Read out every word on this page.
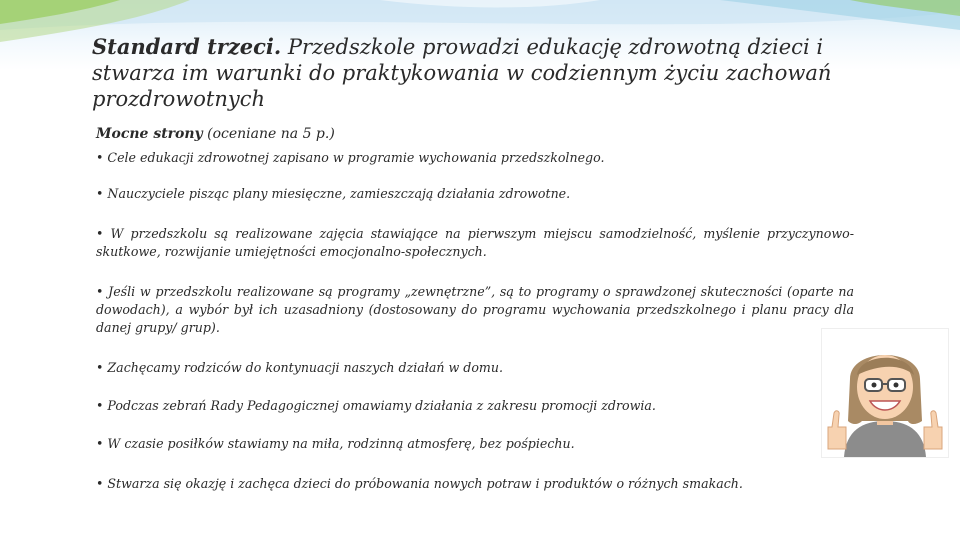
Standard trzeci. Przedszkole prowadzi edukację zdrowotną dzieci i stwarza im warunki do praktykowania w codziennym życiu zachowań prozdrowotnych
Mocne strony (oceniane na 5 p.)
• Cele edukacji zdrowotnej zapisano w programie wychowania przedszkolnego.
• Nauczyciele pisząc plany miesięczne, zamieszczają działania zdrowotne.
• W przedszkolu są realizowane zajęcia stawiające na pierwszym miejscu samodzielność, myślenie przyczynowo-skutkowe, rozwijanie umiejętności emocjonalno-społecznych.
• Jeśli w przedszkolu realizowane są programy „zewnętrzne”, są to programy o sprawdzonej skuteczności (oparte na dowodach), a wybór był ich uzasadniony (dostosowany do programu wychowania przedszkolnego i planu pracy dla danej grupy/ grup).
• Zachęcamy rodziców do kontynuacji naszych działań w domu.
• Podczas zebrań Rady Pedagogicznej omawiamy działania z zakresu promocji zdrowia.
• W czasie posiłków stawiamy na miła, rodzinną atmosferę, bez pośpiechu.
• Stwarza się okazję i zachęca dzieci do próbowania nowych potraw i produktów o różnych smakach.
